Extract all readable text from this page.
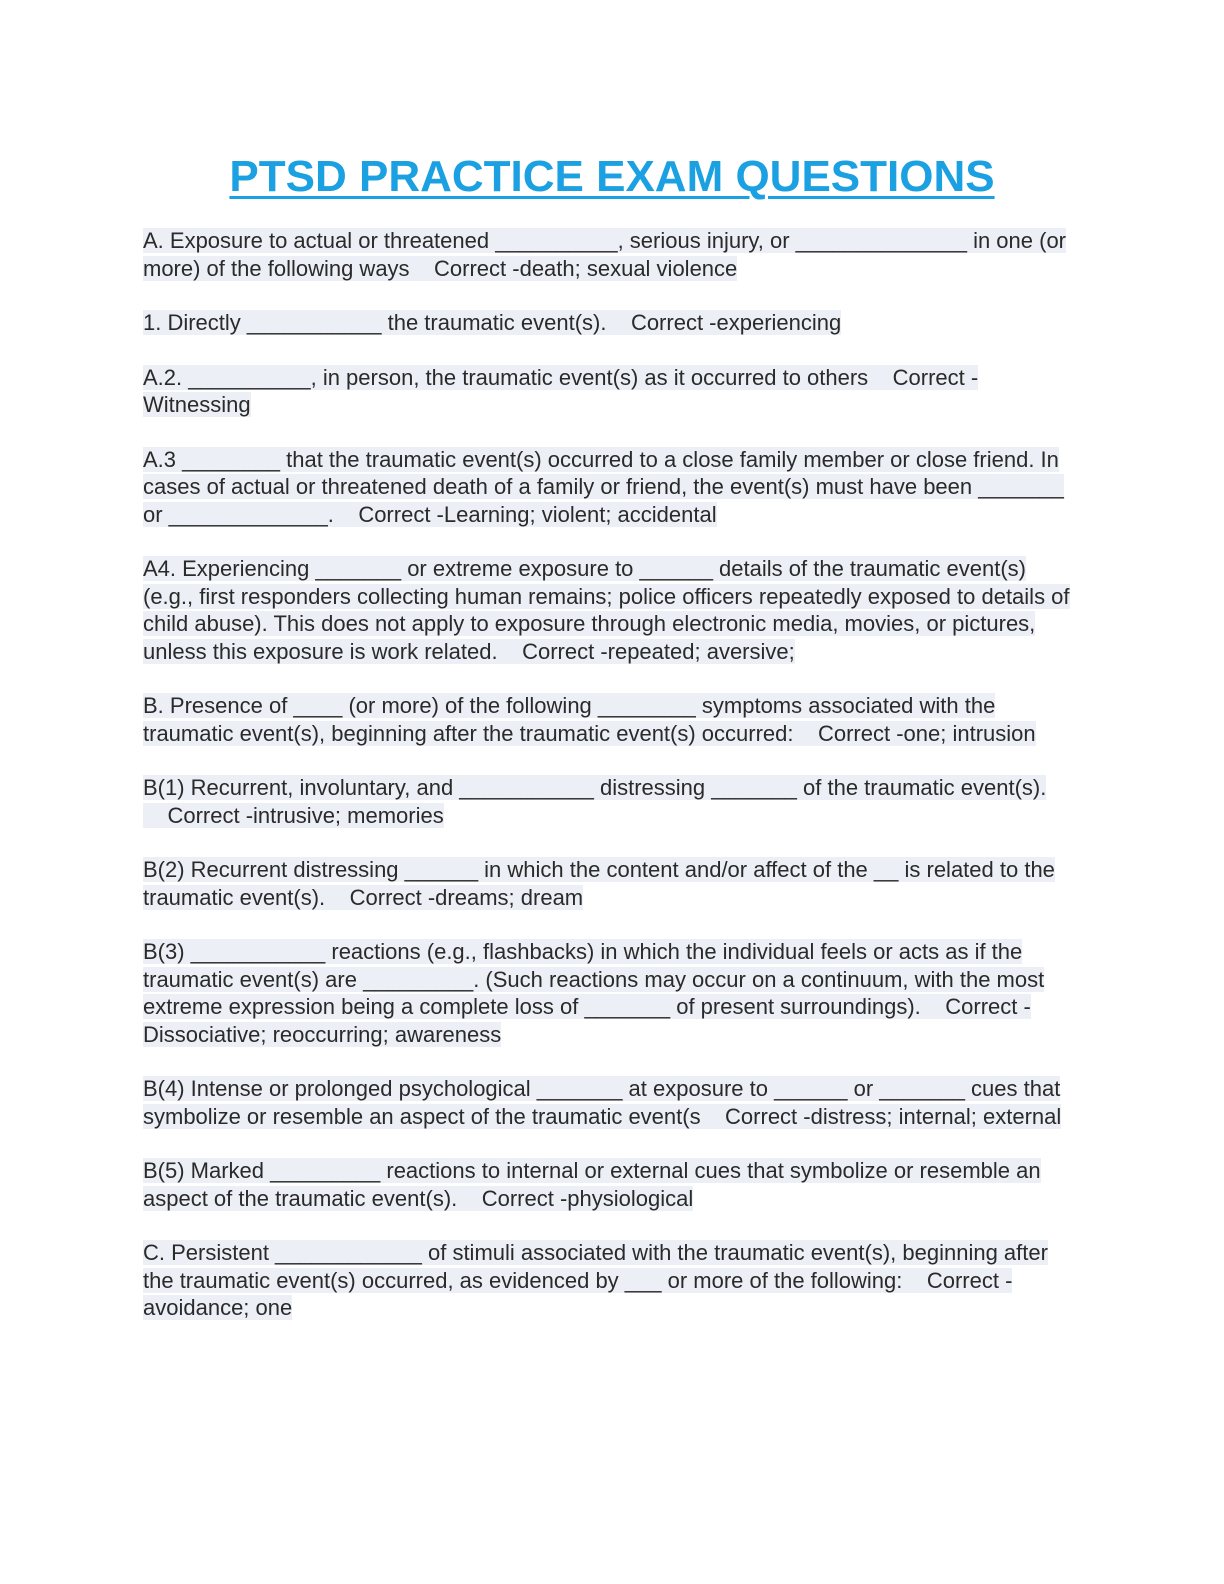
PTSD PRACTICE EXAM QUESTIONS

A. Exposure to actual or threatened __________, serious injury, or ______________ in one (or more) of the following ways Correct -death; sexual violence

1. Directly ___________ the traumatic event(s). Correct -experiencing

A.2. __________, in person, the traumatic event(s) as it occurred to others Correct -Witnessing

A.3 ________ that the traumatic event(s) occurred to a close family member or close friend. In cases of actual or threatened death of a family or friend, the event(s) must have been _______ or _____________. Correct -Learning; violent; accidental

A4. Experiencing _______ or extreme exposure to ______ details of the traumatic event(s) (e.g., first responders collecting human remains; police officers repeatedly exposed to details of child abuse). This does not apply to exposure through electronic media, movies, or pictures, unless this exposure is work related. Correct -repeated; aversive;

B. Presence of ____ (or more) of the following ________ symptoms associated with the traumatic event(s), beginning after the traumatic event(s) occurred: Correct -one; intrusion

B(1) Recurrent, involuntary, and ___________ distressing _______ of the traumatic event(s).    Correct -intrusive; memories

B(2) Recurrent distressing ______ in which the content and/or affect of the __ is related to the traumatic event(s). Correct -dreams; dream

B(3) ___________ reactions (e.g., flashbacks) in which the individual feels or acts as if the traumatic event(s) are _________. (Such reactions may occur on a continuum, with the most extreme expression being a complete loss of _______ of present surroundings). Correct -Dissociative; reoccurring; awareness

B(4) Intense or prolonged psychological _______ at exposure to ______ or _______ cues that symbolize or resemble an aspect of the traumatic event(s Correct -distress; internal; external

B(5) Marked _________ reactions to internal or external cues that symbolize or resemble an aspect of the traumatic event(s). Correct -physiological

C. Persistent ____________ of stimuli associated with the traumatic event(s), beginning after the traumatic event(s) occurred, as evidenced by ___ or more of the following: Correct -avoidance; one
